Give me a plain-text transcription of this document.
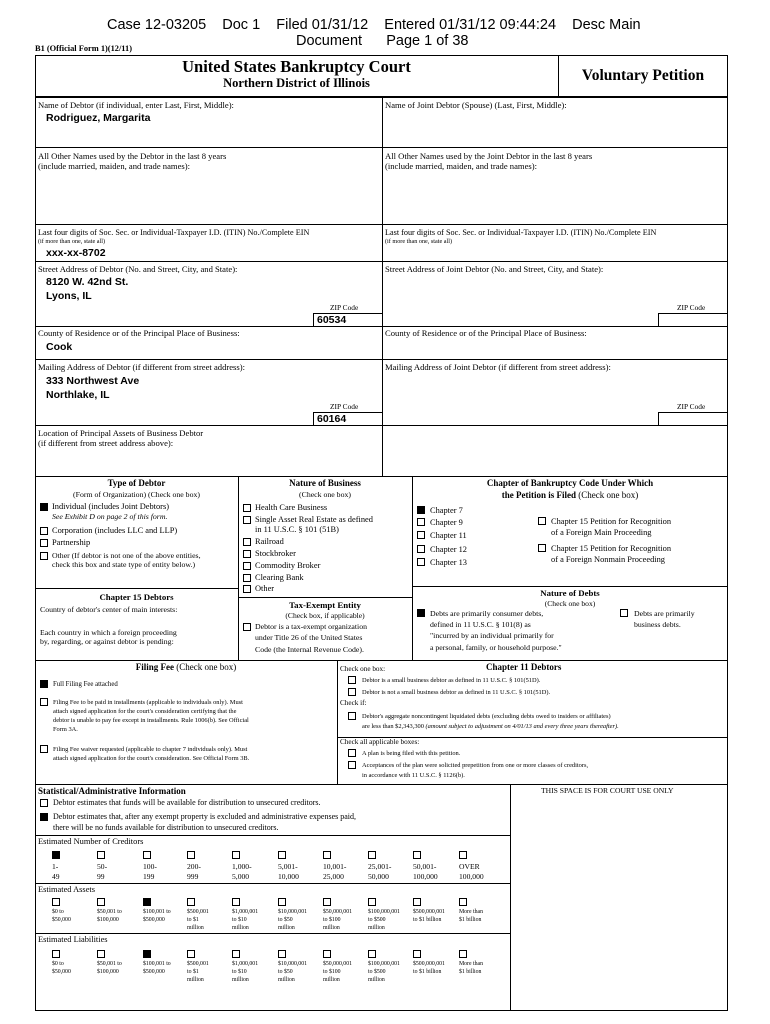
Case 12-03205    Doc 1    Filed 01/31/12    Entered 01/31/12 09:44:24    Desc Main
Document      Page 1 of 38
B1 (Official Form 1)(12/11)
United States Bankruptcy Court
Northern District of Illinois	Voluntary Petition
Name of Debtor (if individual, enter Last, First, Middle):
Rodriguez, Margarita
Name of Joint Debtor (Spouse) (Last, First, Middle):
All Other Names used by the Debtor in the last 8 years
(include married, maiden, and trade names):
All Other Names used by the Joint Debtor in the last 8 years
(include married, maiden, and trade names):
Last four digits of Soc. Sec. or Individual-Taxpayer I.D. (ITIN) No./Complete EIN
(if more than one, state all)
xxx-xx-8702
Last four digits of Soc. Sec. or Individual-Taxpayer I.D. (ITIN) No./Complete EIN
(if more than one, state all)
Street Address of Debtor (No. and Street, City, and State):
8120 W. 42nd St.
Lyons, IL
ZIP Code
60534
Street Address of Joint Debtor (No. and Street, City, and State):
ZIP Code
County of Residence or of the Principal Place of Business:
Cook
County of Residence or of the Principal Place of Business:
Mailing Address of Debtor (if different from street address):
333 Northwest Ave
Northlake, IL
ZIP Code
60164
Mailing Address of Joint Debtor (if different from street address):
ZIP Code
Location of Principal Assets of Business Debtor
(if different from street address above):
Type of Debtor
(Form of Organization) (Check one box)
Individual (includes Joint Debtors)
See Exhibit D on page 2 of this form.
Corporation (includes LLC and LLP)
Partnership
Other (If debtor is not one of the above entities,
check this box and state type of entity below.)
Nature of Business
(Check one box)
Health Care Business
Single Asset Real Estate as defined
in 11 U.S.C. § 101 (51B)
Railroad
Stockbroker
Commodity Broker
Clearing Bank
Other
Chapter of Bankruptcy Code Under Which
the Petition is Filed (Check one box)
Chapter 7
Chapter 9
Chapter 11
Chapter 12
Chapter 13
Chapter 15 Petition for Recognition
of a Foreign Main Proceeding
Chapter 15 Petition for Recognition
of a Foreign Nonmain Proceeding
Chapter 15 Debtors
Country of debtor's center of main interests:
Each country in which a foreign proceeding
by, regarding, or against debtor is pending:
Tax-Exempt Entity
(Check box, if applicable)
Debtor is a tax-exempt organization
under Title 26 of the United States
Code (the Internal Revenue Code).
Nature of Debts
(Check one box)
Debts are primarily consumer debts,
defined in 11 U.S.C. § 101(8) as
"incurred by an individual primarily for
a personal, family, or household purpose."
Debts are primarily
business debts.
Filing Fee (Check one box)
Full Filing Fee attached
Filing Fee to be paid in installments (applicable to individuals only). Must
attach signed application for the court's consideration certifying that the
debtor is unable to pay fee except in installments. Rule 1006(b). See Official
Form 3A.
Filing Fee waiver requested (applicable to chapter 7 individuals only). Must
attach signed application for the court's consideration. See Official Form 3B.
Chapter 11 Debtors
Check one box:
Debtor is a small business debtor as defined in 11 U.S.C. § 101(51D).
Debtor is not a small business debtor as defined in 11 U.S.C. § 101(51D).
Check if:
Debtor's aggregate noncontingent liquidated debts (excluding debts owed to insiders or affiliates)
are less than $2,343,300 (amount subject to adjustment on 4/01/13 and every three years thereafter).
Check all applicable boxes:
A plan is being filed with this petition.
Acceptances of the plan were solicited prepetition from one or more classes of creditors,
in accordance with 11 U.S.C. § 1126(b).
Statistical/Administrative Information	THIS SPACE IS FOR COURT USE ONLY
Debtor estimates that funds will be available for distribution to unsecured creditors.
Debtor estimates that, after any exempt property is excluded and administrative expenses paid,
there will be no funds available for distribution to unsecured creditors.
Estimated Number of Creditors
1-
49
50-
99
100-
199
200-
999
1,000-
5,000
5,001-
10,000
10,001-
25,000
25,001-
50,000
50,001-
100,000
OVER
100,000
Estimated Assets
$0 to
$50,000
$50,001 to
$100,000
$100,001 to
$500,000
$500,001
to $1
million
$1,000,001
to $10
million
$10,000,001
to $50
million
$50,000,001
to $100
million
$100,000,001
to $500
million
$500,000,001
to $1 billion
More than
$1 billion
Estimated Liabilities
$0 to
$50,000
$50,001 to
$100,000
$100,001 to
$500,000
$500,001
to $1
million
$1,000,001
to $10
million
$10,000,001
to $50
million
$50,000,001
to $100
million
$100,000,001
to $500
million
$500,000,001
to $1 billion
More than
$1 billion
